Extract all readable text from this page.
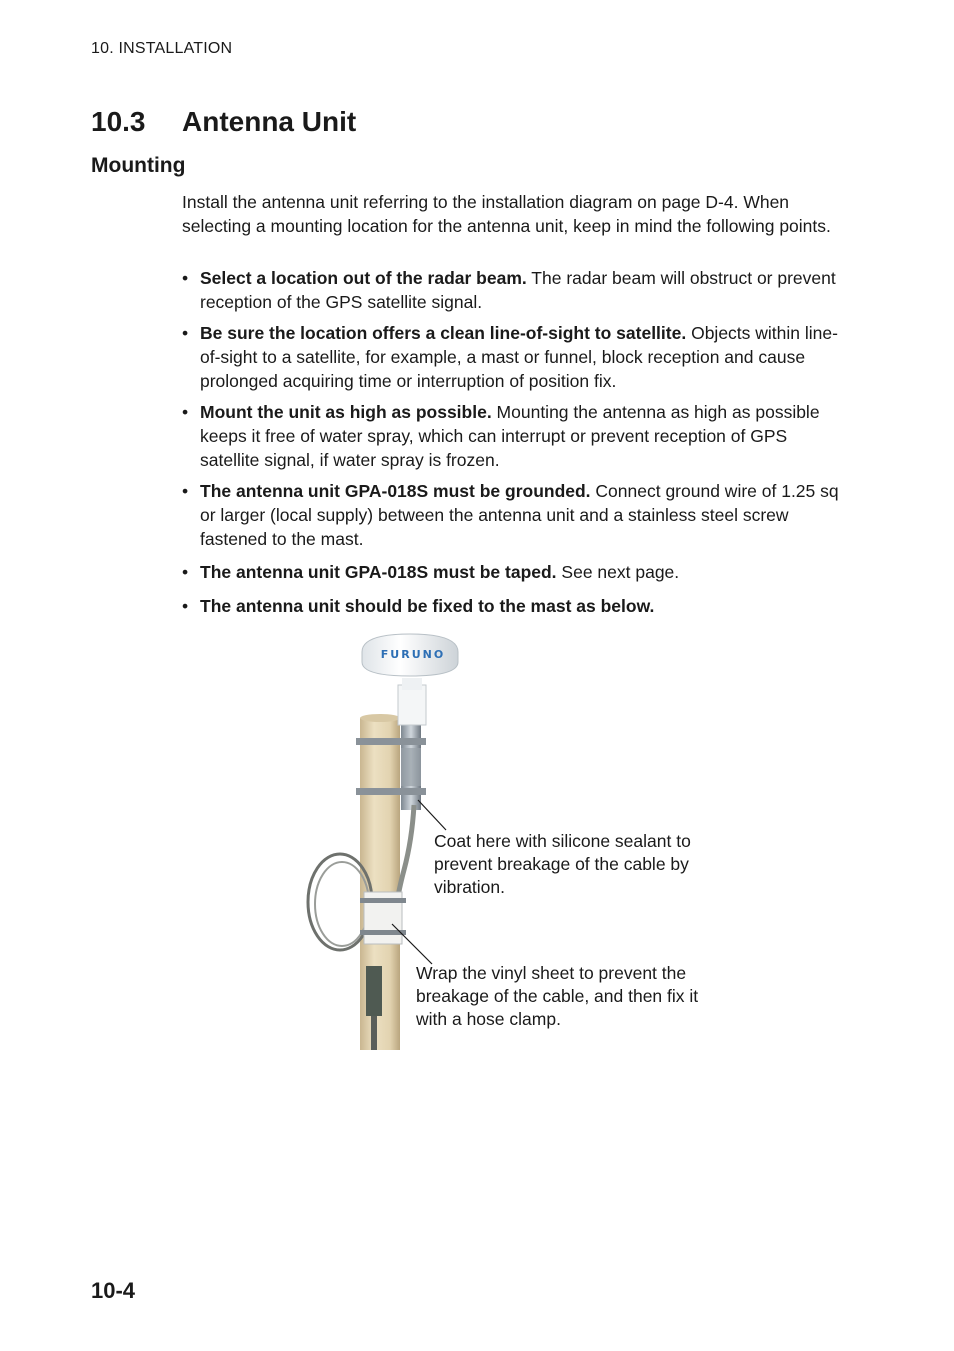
10. INSTALLATION
10.3 Antenna Unit
Mounting

Install the antenna unit referring to the installation diagram on page D-4. When selecting a mounting location for the antenna unit, keep in mind the following points.

• Select a location out of the radar beam. The radar beam will obstruct or prevent reception of the GPS satellite signal.
• Be sure the location offers a clean line-of-sight to satellite. Objects within line-of-sight to a satellite, for example, a mast or funnel, block reception and cause prolonged acquiring time or interruption of position fix.
• Mount the unit as high as possible. Mounting the antenna as high as possible keeps it free of water spray, which can interrupt or prevent reception of GPS satellite signal, if water spray is frozen.
• The antenna unit GPA-018S must be grounded. Connect ground wire of 1.25 sq or larger (local supply) between the antenna unit and a stainless steel screw fastened to the mast.
• The antenna unit GPA-018S must be taped. See next page.
• The antenna unit should be fixed to the mast as below.
FURUNO
Coat here with silicone sealant to prevent breakage of the cable by vibration.
Wrap the vinyl sheet to prevent the breakage of the cable, and then fix it with a hose clamp.
10-4
